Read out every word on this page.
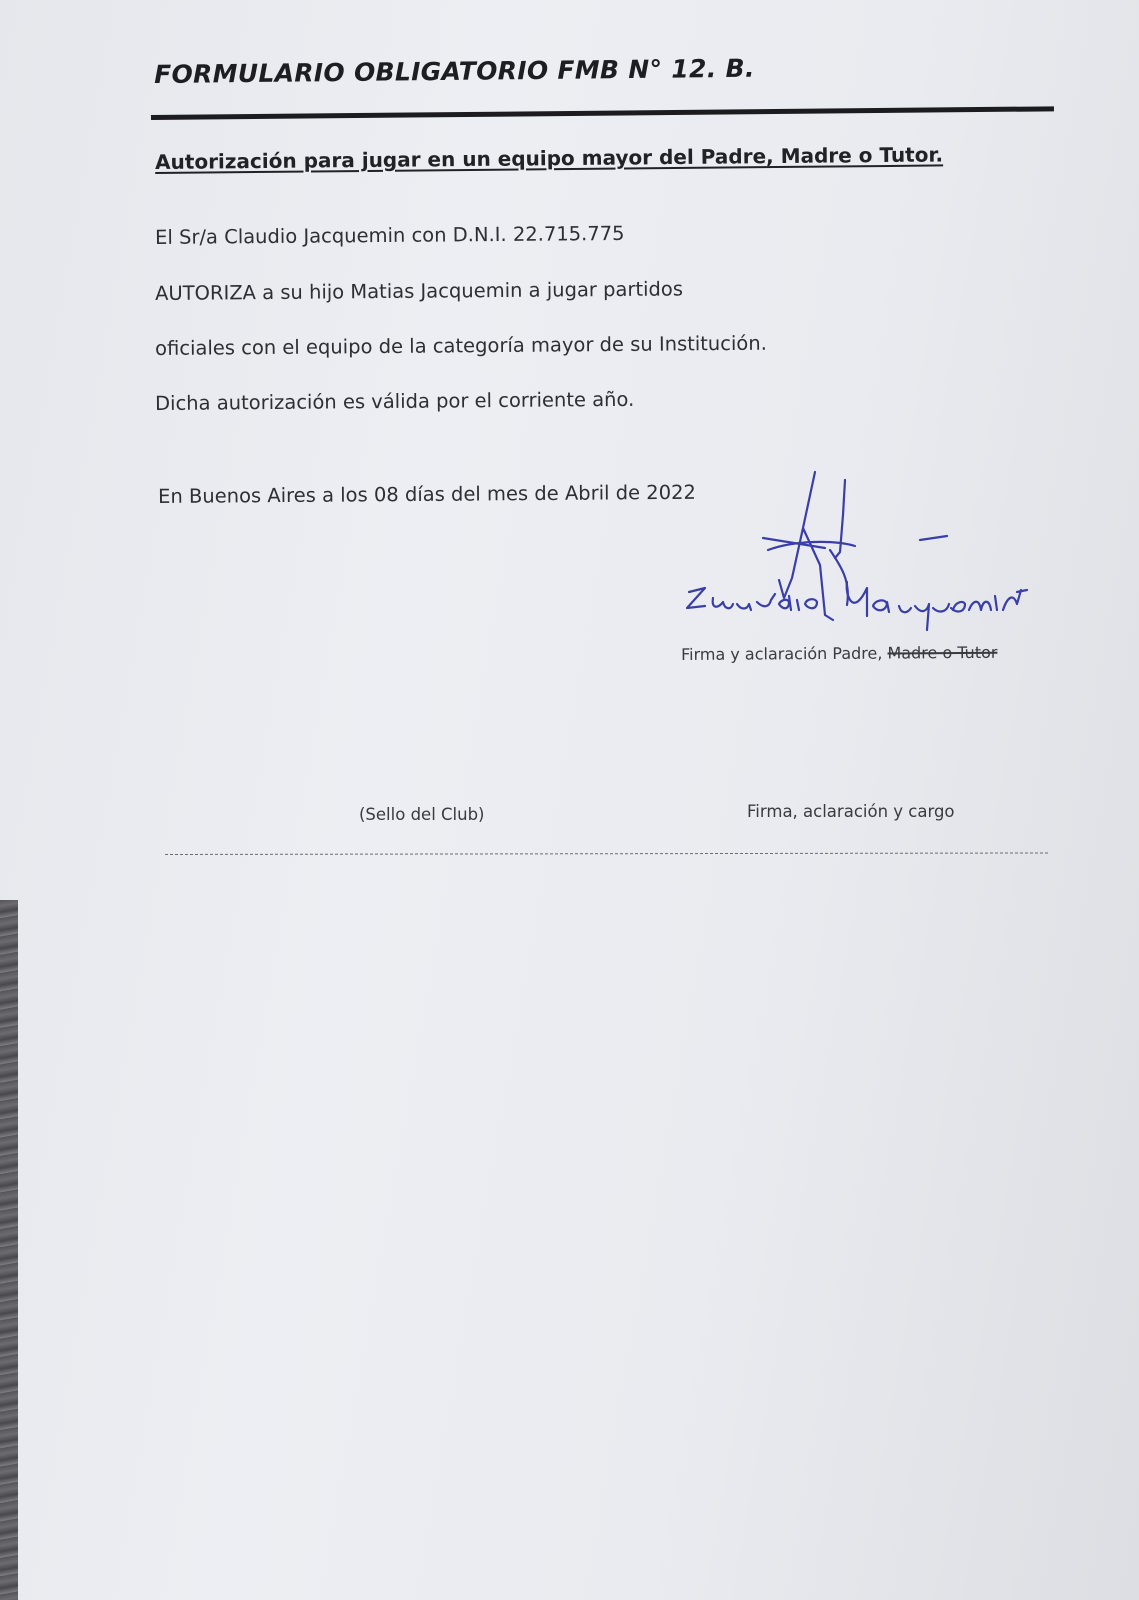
FORMULARIO OBLIGATORIO FMB N° 12. B.
Autorización para jugar en un equipo mayor del Padre, Madre o Tutor.
El Sr/a Claudio Jacquemin con D.N.I. 22.715.775
AUTORIZA a su hijo Matias Jacquemin a jugar partidos
oficiales con el equipo de la categoría mayor de su Institución.
Dicha autorización es válida por el corriente año.
En Buenos Aires a los 08 días del mes de Abril de 2022
Firma y aclaración Padre, Madre o Tutor
(Sello del Club)	Firma, aclaración y cargo
